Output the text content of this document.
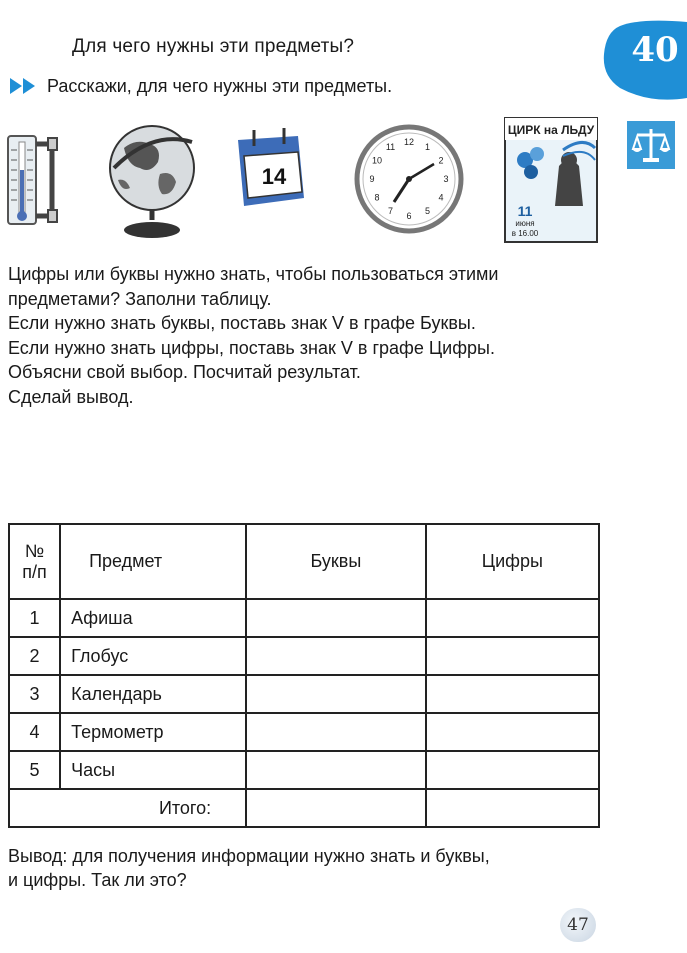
Для чего нужны эти предметы?
Расскажи, для чего нужны эти предметы.
40
14
12 1
2
3
4
5
6
7
8
9
10
11
ЦИРК на ЛЬДУ
11
июня
в 16.00
Цифры или буквы нужно знать, чтобы пользоваться этими
предметами? Заполни таблицу.
Если нужно знать буквы, поставь знак V в графе Буквы.
Если нужно знать цифры, поставь знак V в графе Цифры.
Объясни свой выбор. Посчитай результат.
Сделай вывод.
№
п/п	Предмет	Буквы	Цифры
1	Афиша		
2	Глобус		
3	Календарь		
4	Термометр		
5	Часы		
Итого:			
Вывод: для получения информации нужно знать и буквы,
и цифры. Так ли это?
47
